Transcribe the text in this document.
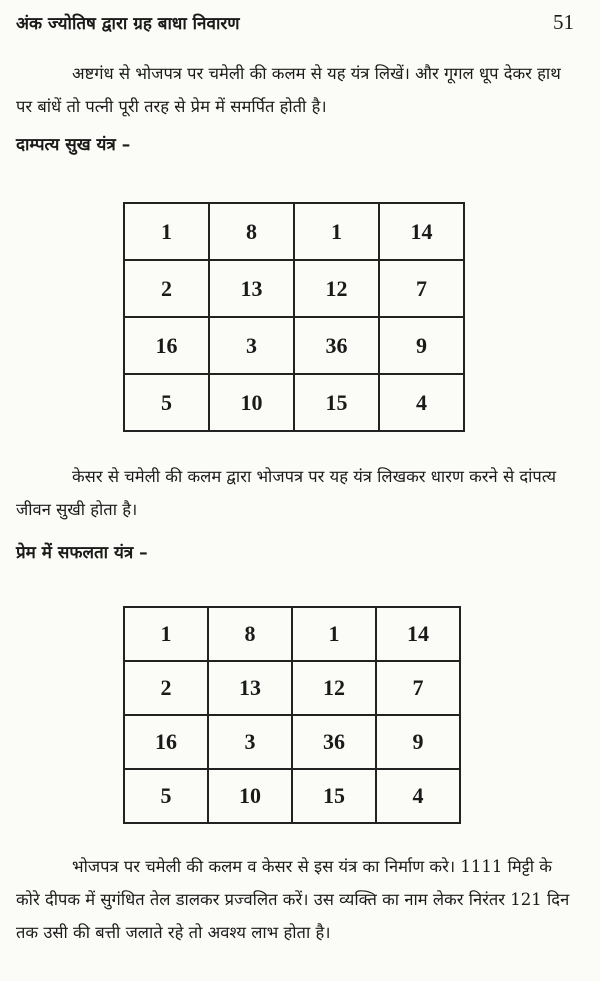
अंक ज्योतिष द्वारा ग्रह बाधा निवारण	51

अष्टगंध से भोजपत्र पर चमेली की कलम से यह यंत्र लिखें। और गूगल धूप देकर हाथ पर बांधें तो पत्नी पूरी तरह से प्रेम में समर्पित होती है।

दाम्पत्य सुख यंत्र –
1	8	1	14
2	13	12	7
16	3	36	9
5	10	15	4

केसर से चमेली की कलम द्वारा भोजपत्र पर यह यंत्र लिखकर धारण करने से दांपत्य जीवन सुखी होता है।

प्रेम में सफलता यंत्र –
1	8	1	14
2	13	12	7
16	3	36	9
5	10	15	4

भोजपत्र पर चमेली की कलम व केसर से इस यंत्र का निर्माण करे। 1111 मिट्टी के कोरे दीपक में सुगंधित तेल डालकर प्रज्वलित करें। उस व्यक्ति का नाम लेकर निरंतर 121 दिन तक उसी की बत्ती जलाते रहे तो अवश्य लाभ होता है।
